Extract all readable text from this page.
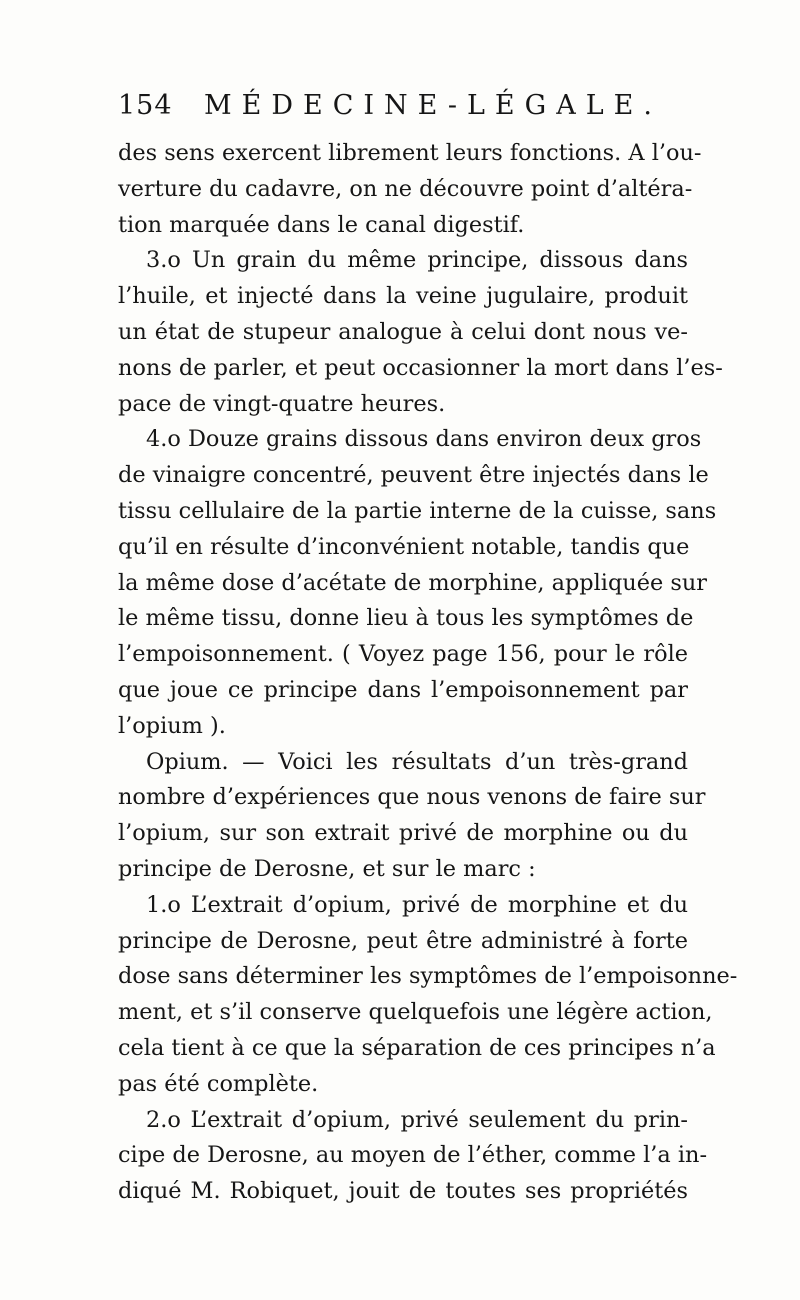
154 MÉDECINE-LÉGALE.
des sens exercent librement leurs fonctions. A l’ou-
verture du cadavre, on ne découvre point d’altéra-
tion marquée dans le canal digestif.
3.o Un grain du même principe, dissous dans
l’huile, et injecté dans la veine jugulaire, produit
un état de stupeur analogue à celui dont nous ve-
nons de parler, et peut occasionner la mort dans l’es-
pace de vingt-quatre heures.
4.o Douze grains dissous dans environ deux gros
de vinaigre concentré, peuvent être injectés dans le
tissu cellulaire de la partie interne de la cuisse, sans
qu’il en résulte d’inconvénient notable, tandis que
la même dose d’acétate de morphine, appliquée sur
le même tissu, donne lieu à tous les symptômes de
l’empoisonnement. ( Voyez page 156, pour le rôle
que joue ce principe dans l’empoisonnement par
l’opium ).
Opium. — Voici les résultats d’un très-grand
nombre d’expériences que nous venons de faire sur
l’opium, sur son extrait privé de morphine ou du
principe de Derosne, et sur le marc :
1.o L’extrait d’opium, privé de morphine et du
principe de Derosne, peut être administré à forte
dose sans déterminer les symptômes de l’empoisonne-
ment, et s’il conserve quelquefois une légère action,
cela tient à ce que la séparation de ces principes n’a
pas été complète.
2.o L’extrait d’opium, privé seulement du prin-
cipe de Derosne, au moyen de l’éther, comme l’a in-
diqué M. Robiquet, jouit de toutes ses propriétés
